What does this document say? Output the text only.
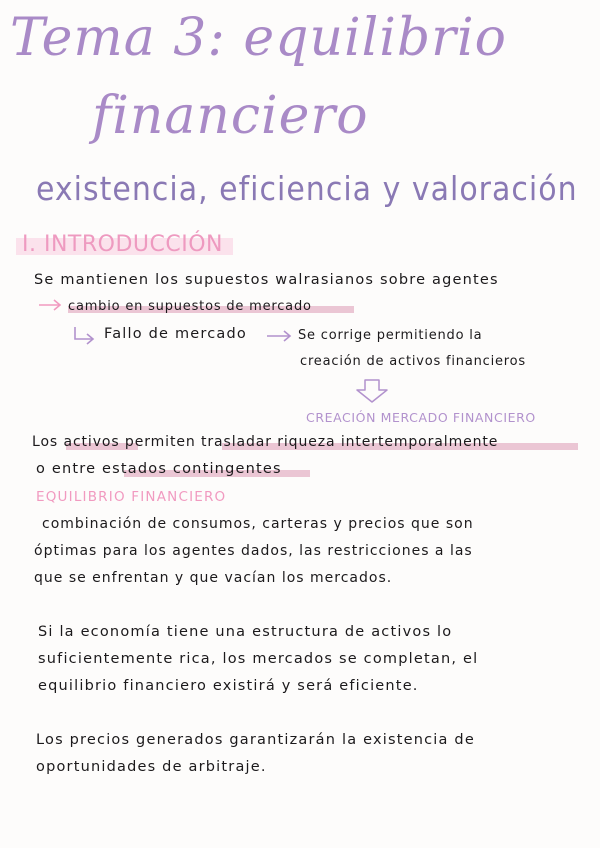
Tema 3: equilibrio
financiero
existencia, eficiencia y valoración
I. INTRODUCCIÓN
Se mantienen los supuestos walrasianos sobre agentes
cambio en supuestos de mercado
Fallo de mercado	Se corrige permitiendo la
creación de activos financieros
CREACIÓN MERCADO FINANCIERO
Los activos permiten trasladar riqueza intertemporalmente
o entre estados contingentes
EQUILIBRIO FINANCIERO
combinación de consumos, carteras y precios que son
óptimas para los agentes dados, las restricciones a las
que se enfrentan y que vacían los mercados.
Si la economía tiene una estructura de activos lo
suficientemente rica, los mercados se completan, el
equilibrio financiero existirá y será eficiente.
Los precios generados garantizarán la existencia de
oportunidades de arbitraje.
